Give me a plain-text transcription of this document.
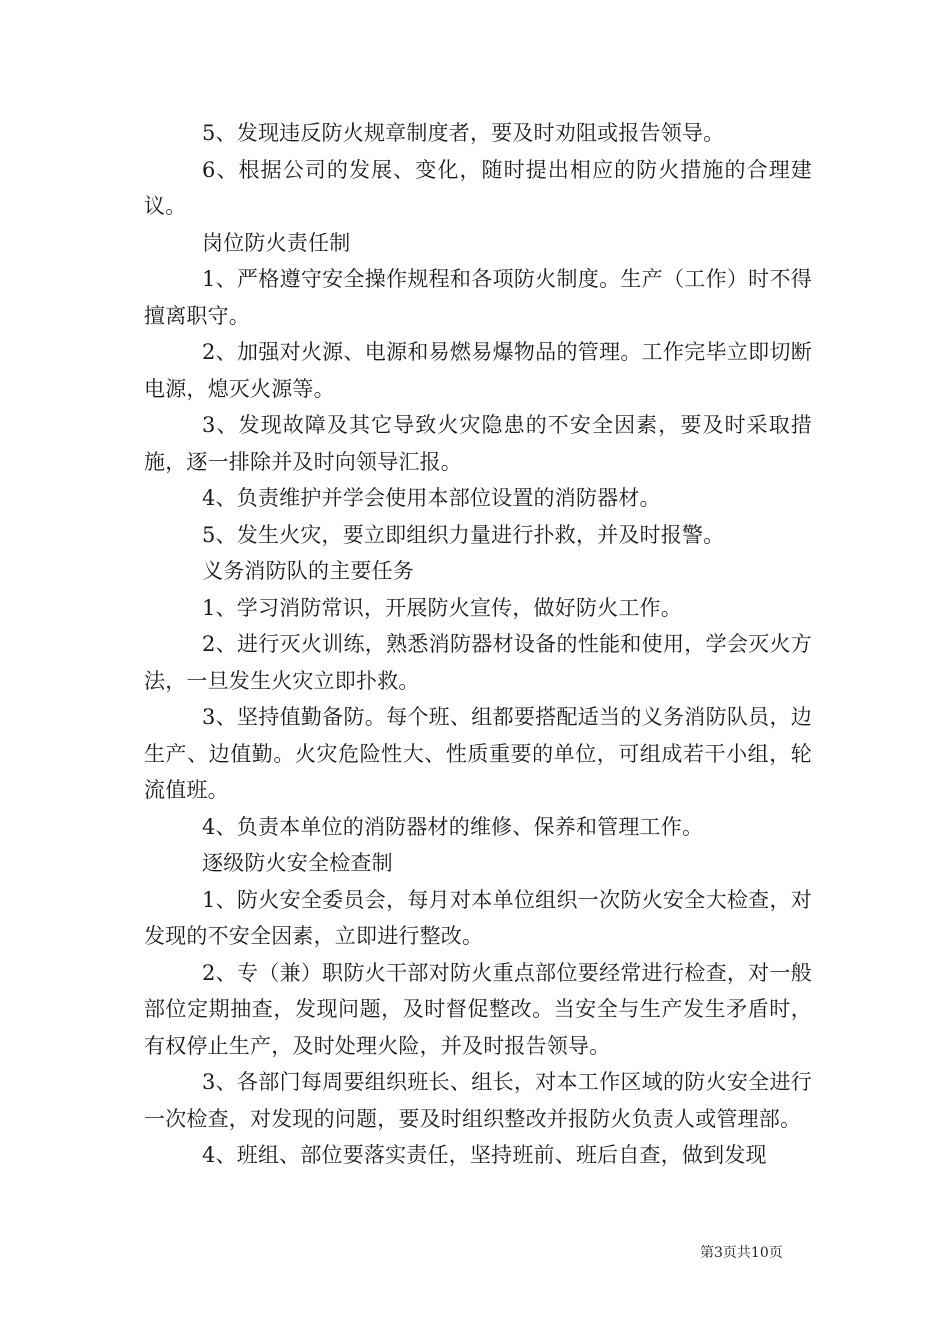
5、发现违反防火规章制度者，要及时劝阻或报告领导。

6、根据公司的发展、变化，随时提出相应的防火措施的合理建议。

岗位防火责任制

1、严格遵守安全操作规程和各项防火制度。生产（工作）时不得擅离职守。

2、加强对火源、电源和易燃易爆物品的管理。工作完毕立即切断电源，熄灭火源等。

3、发现故障及其它导致火灾隐患的不安全因素，要及时采取措施，逐一排除并及时向领导汇报。

4、负责维护并学会使用本部位设置的消防器材。

5、发生火灾，要立即组织力量进行扑救，并及时报警。

义务消防队的主要任务

1、学习消防常识，开展防火宣传，做好防火工作。

2、进行灭火训练，熟悉消防器材设备的性能和使用，学会灭火方法，一旦发生火灾立即扑救。

3、坚持值勤备防。每个班、组都要搭配适当的义务消防队员，边生产、边值勤。火灾危险性大、性质重要的单位，可组成若干小组，轮流值班。

4、负责本单位的消防器材的维修、保养和管理工作。

逐级防火安全检查制

1、防火安全委员会，每月对本单位组织一次防火安全大检查，对发现的不安全因素，立即进行整改。

2、专（兼）职防火干部对防火重点部位要经常进行检查，对一般部位定期抽查，发现问题，及时督促整改。当安全与生产发生矛盾时，有权停止生产，及时处理火险，并及时报告领导。

3、各部门每周要组织班长、组长，对本工作区域的防火安全进行一次检查，对发现的问题，要及时组织整改并报防火负责人或管理部。

4、班组、部位要落实责任，坚持班前、班后自查，做到发现

第3页共10页
